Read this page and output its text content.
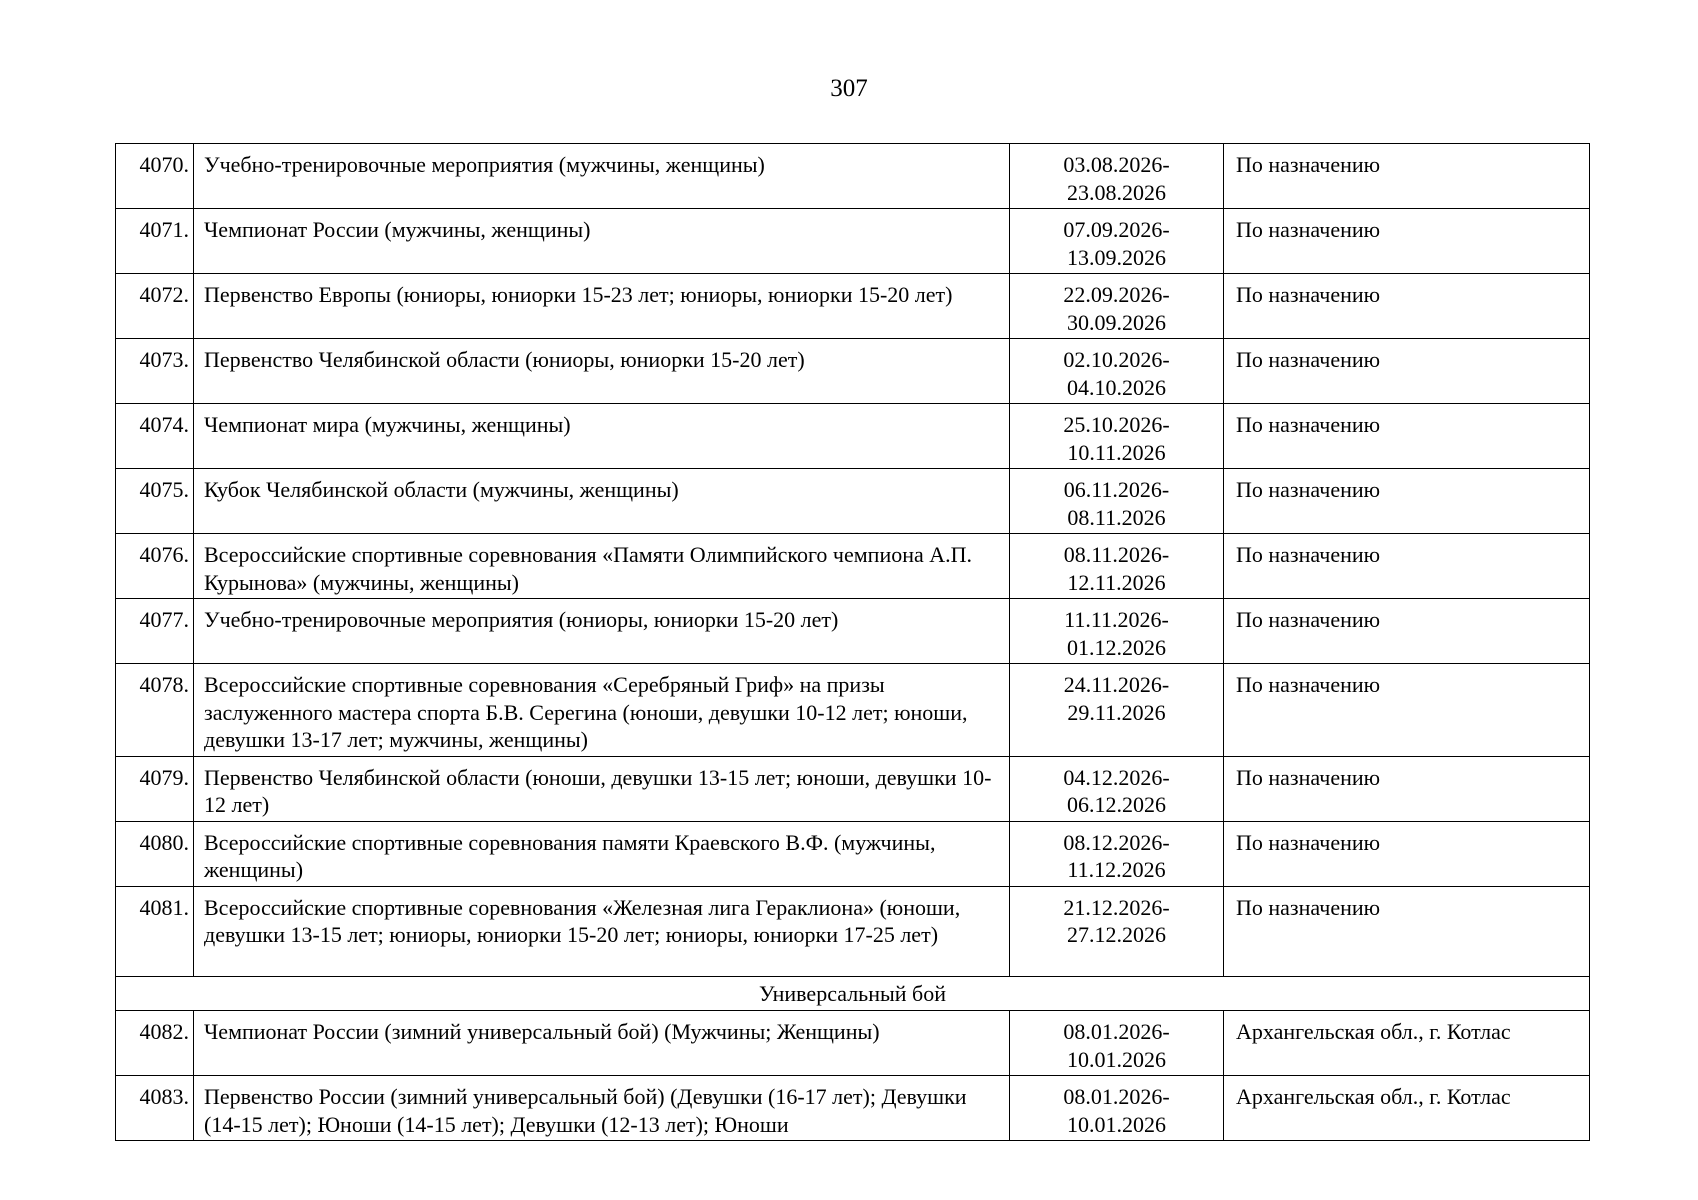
307
4070.	Учебно-тренировочные мероприятия (мужчины, женщины)	03.08.2026-
23.08.2026	По назначению
4071.	Чемпионат России (мужчины, женщины)	07.09.2026-
13.09.2026	По назначению
4072.	Первенство Европы (юниоры, юниорки 15-23 лет; юниоры, юниорки 15-20 лет)	22.09.2026-
30.09.2026	По назначению
4073.	Первенство Челябинской области (юниоры, юниорки 15-20 лет)	02.10.2026-
04.10.2026	По назначению
4074.	Чемпионат мира (мужчины, женщины)	25.10.2026-
10.11.2026	По назначению
4075.	Кубок Челябинской области (мужчины, женщины)	06.11.2026-
08.11.2026	По назначению
4076.	Всероссийские спортивные соревнования «Памяти Олимпийского чемпиона А.П. Курынова» (мужчины, женщины)	08.11.2026-
12.11.2026	По назначению
4077.	Учебно-тренировочные мероприятия (юниоры, юниорки 15-20 лет)	11.11.2026-
01.12.2026	По назначению
4078.	Всероссийские спортивные соревнования «Серебряный Гриф» на призы заслуженного мастера спорта Б.В. Серегина (юноши, девушки 10-12 лет; юноши, девушки 13-17 лет; мужчины, женщины)	24.11.2026-
29.11.2026	По назначению
4079.	Первенство Челябинской области (юноши, девушки 13-15 лет; юноши, девушки 10-12 лет)	04.12.2026-
06.12.2026	По назначению
4080.	Всероссийские спортивные соревнования памяти Краевского В.Ф. (мужчины, женщины)	08.12.2026-
11.12.2026	По назначению
4081.	Всероссийские спортивные соревнования «Железная лига Гераклиона» (юноши, девушки 13-15 лет; юниоры, юниорки 15-20 лет; юниоры, юниорки 17-25 лет)	21.12.2026-
27.12.2026	По назначению
Универсальный бой			
4082.	Чемпионат России (зимний универсальный бой) (Мужчины; Женщины)	08.01.2026-
10.01.2026	Архангельская обл., г. Котлас
4083.	Первенство России (зимний универсальный бой) (Девушки (16-17 лет); Девушки (14-15 лет); Юноши (14-15 лет); Девушки (12-13 лет); Юноши	08.01.2026-
10.01.2026	Архангельская обл., г. Котлас
